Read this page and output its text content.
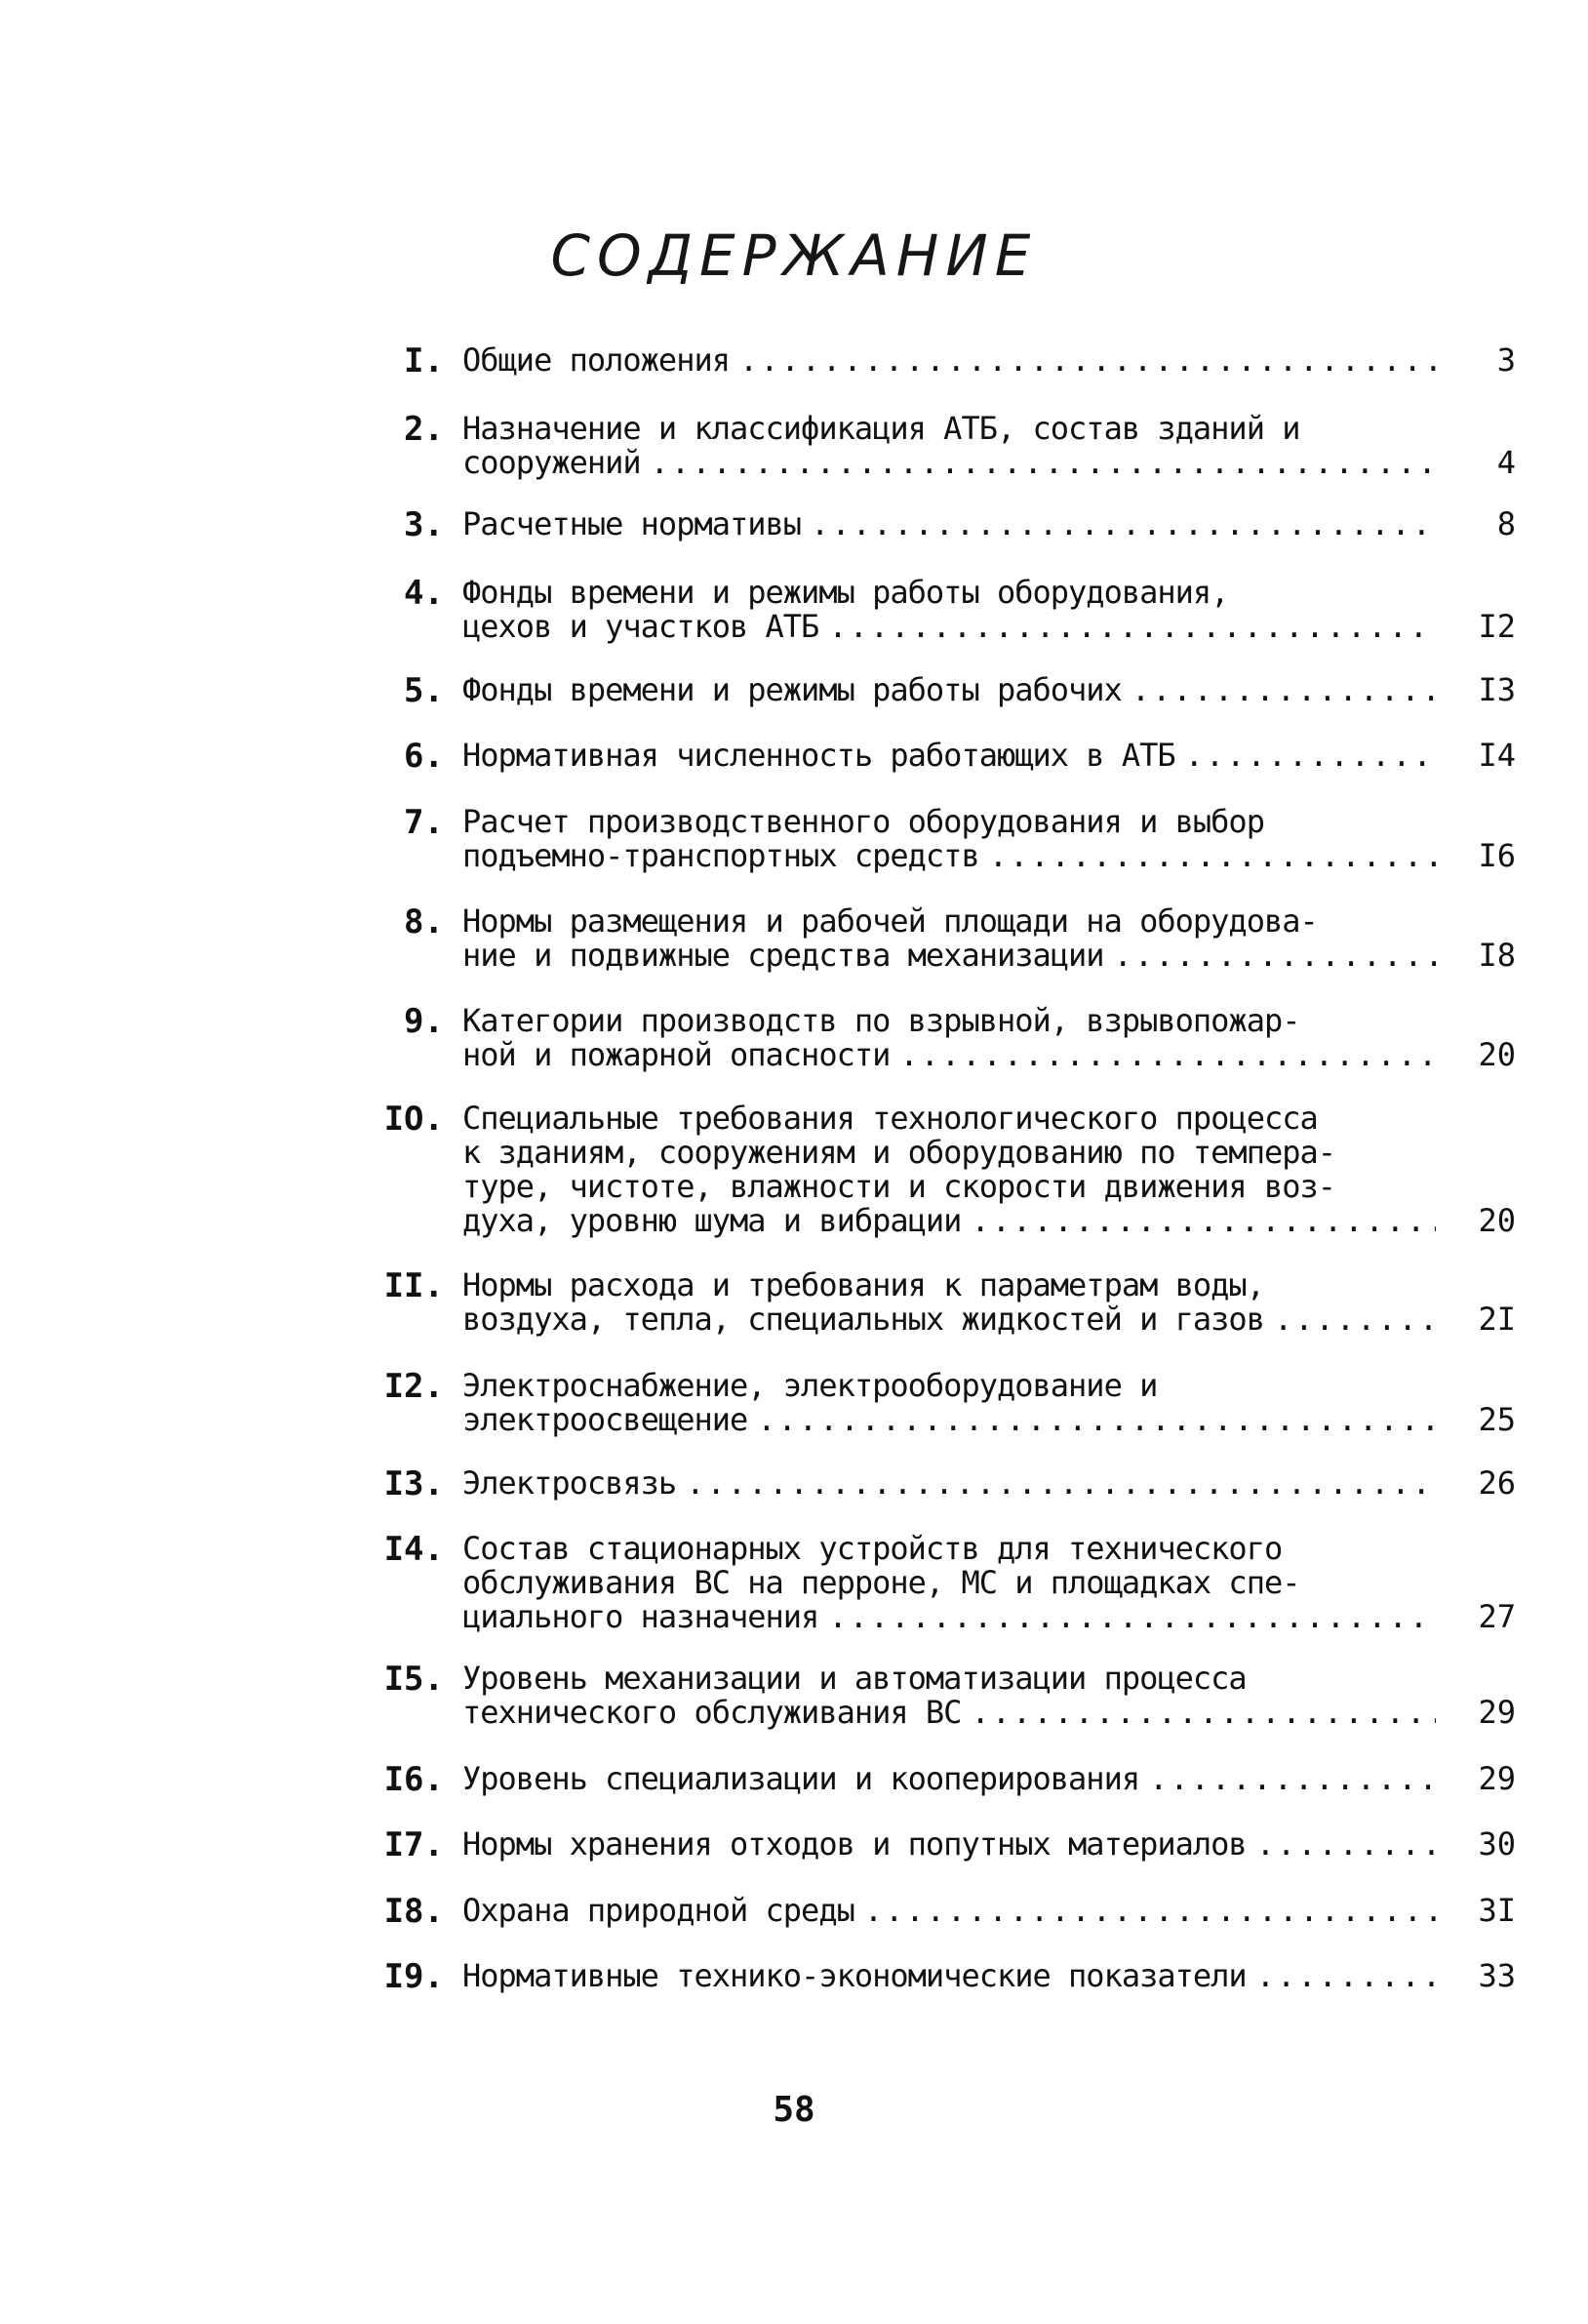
СОДЕРЖАНИЕ
I. Общие положения .....	3
2. Назначение и классификация АТБ, состав зданий и
сооружений .....	4
3. Расчетные нормативы .....	8
4. Фонды времени и режимы работы оборудования,
цехов и участков АТБ .....	I2
5. Фонды времени и режимы работы рабочих .....	I3
6. Нормативная численность работающих в АТБ .....	I4
7. Расчет производственного оборудования и выбор
подъемно-транспортных средств .....	I6
8. Нормы размещения и рабочей площади на оборудова-
ние и подвижные средства механизации .....	I8
9. Категории производств по взрывной, взрывопожар-
ной и пожарной опасности .....	20
IO. Специальные требования технологического процесса
к зданиям, сооружениям и оборудованию по темпера-
туре, чистоте, влажности и скорости движения воз-
духа, уровню шума и вибрации .....	20
II. Нормы расхода и требования к параметрам воды,
воздуха, тепла, специальных жидкостей и газов .....	2I
I2. Электроснабжение, электрооборудование и
электроосвещение .....	25
I3. Электросвязь .....	26
I4. Состав стационарных устройств для технического
обслуживания ВС на перроне, МС и площадках спе-
циального назначения .....	27
I5. Уровень механизации и автоматизации процесса
технического обслуживания ВС .....	29
I6. Уровень специализации и кооперирования .....	29
I7. Нормы хранения отходов и попутных материалов .....	30
I8. Охрана природной среды .....	3I
I9. Нормативные технико-экономические показатели .....	33
58
